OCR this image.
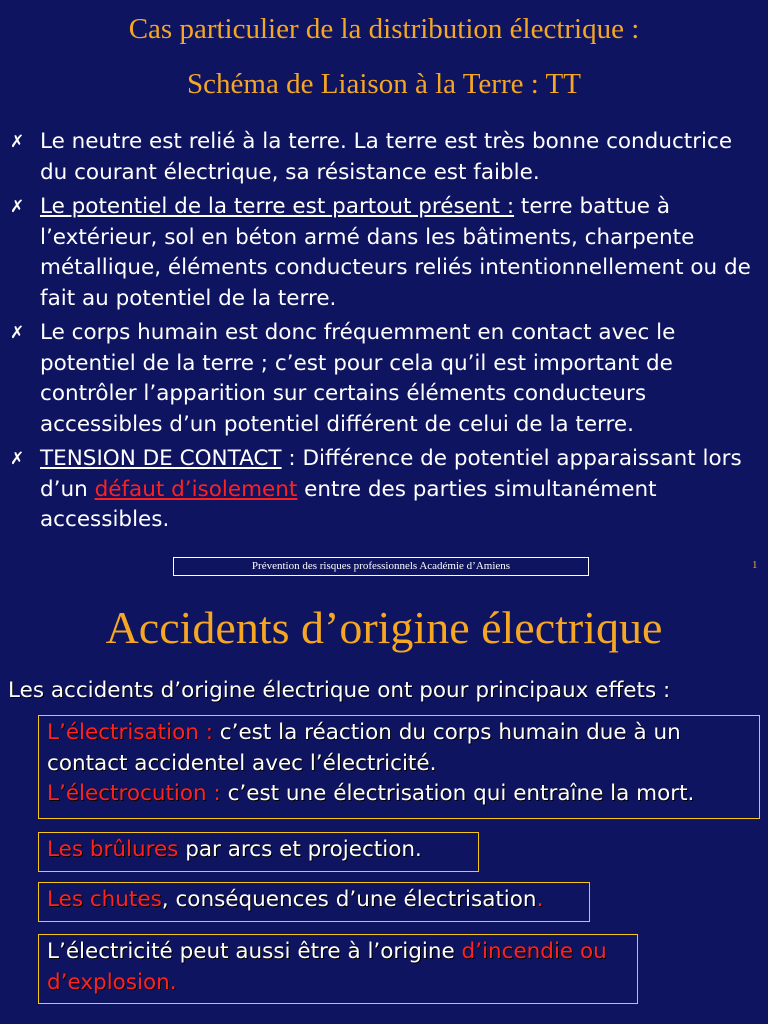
Cas particulier de la distribution électrique :
Schéma de Liaison à la Terre : TT
✗ Le neutre est relié à la terre. La terre est très bonne conductrice du courant électrique, sa résistance est faible.
✗ Le potentiel de la terre est partout présent : terre battue à l’extérieur, sol en béton armé dans les bâtiments, charpente métallique, éléments conducteurs reliés intentionnellement ou de fait au potentiel de la terre.
✗ Le corps humain est donc fréquemment en contact avec le potentiel de la terre ; c’est pour cela qu’il est important de contrôler l’apparition sur certains éléments conducteurs accessibles d’un potentiel différent de celui de la terre.
✗ TENSION DE CONTACT : Différence de potentiel apparaissant lors d’un défaut d’isolement entre des parties simultanément accessibles.
Prévention des risques professionnels Académie d’Amiens	1
Accidents d’origine électrique
Les accidents d’origine électrique ont pour principaux effets :
L’électrisation : c’est la réaction du corps humain due à un contact accidentel avec l’électricité.
L’électrocution : c’est une électrisation qui entraîne la mort.
Les brûlures par arcs et projection.
Les chutes, conséquences d’une électrisation.
L’électricité peut aussi être à l’origine d’incendie ou d’explosion.
